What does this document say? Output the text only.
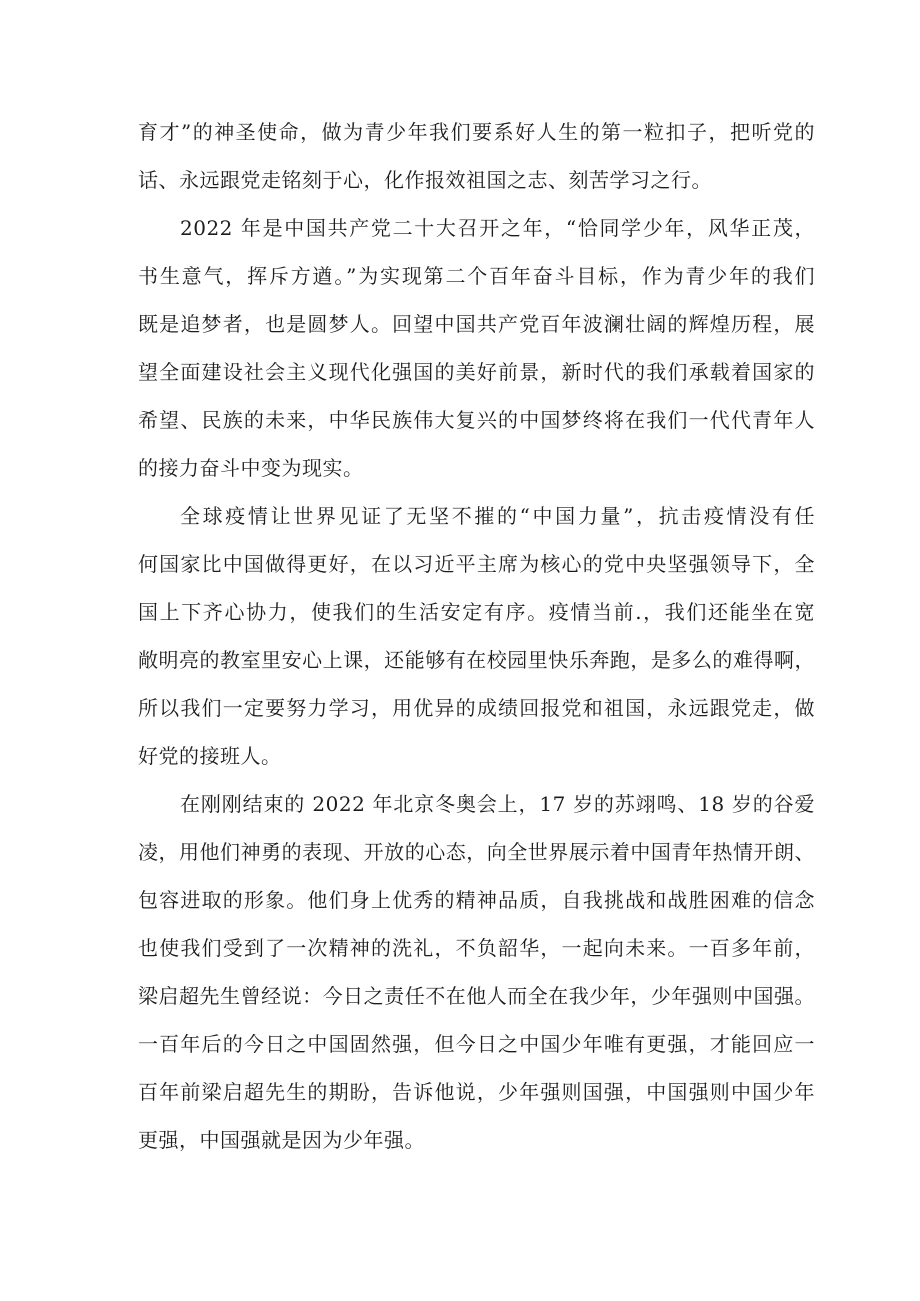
育才”的神圣使命，做为青少年我们要系好人生的第一粒扣子，把听党的
话、永远跟党走铭刻于心，化作报效祖国之志、刻苦学习之行。
2022 年是中国共产党二十大召开之年，“恰同学少年，风华正茂，
书生意气，挥斥方遒。”为实现第二个百年奋斗目标，作为青少年的我们
既是追梦者，也是圆梦人。回望中国共产党百年波澜壮阔的辉煌历程，展
望全面建设社会主义现代化强国的美好前景，新时代的我们承载着国家的
希望、民族的未来，中华民族伟大复兴的中国梦终将在我们一代代青年人
的接力奋斗中变为现实。
全球疫情让世界见证了无坚不摧的“中国力量”，抗击疫情没有任
何国家比中国做得更好，在以习近平主席为核心的党中央坚强领导下，全
国上下齐心协力，使我们的生活安定有序。疫情当前.，我们还能坐在宽
敞明亮的教室里安心上课，还能够有在校园里快乐奔跑，是多么的难得啊，
所以我们一定要努力学习，用优异的成绩回报党和祖国，永远跟党走，做
好党的接班人。
在刚刚结束的 2022 年北京冬奥会上，17 岁的苏翊鸣、18 岁的谷爱
凌，用他们神勇的表现、开放的心态，向全世界展示着中国青年热情开朗、
包容进取的形象。他们身上优秀的精神品质，自我挑战和战胜困难的信念
也使我们受到了一次精神的洗礼，不负韶华，一起向未来。一百多年前，
梁启超先生曾经说：今日之责任不在他人而全在我少年，少年强则中国强。
一百年后的今日之中国固然强，但今日之中国少年唯有更强，才能回应一
百年前梁启超先生的期盼，告诉他说，少年强则国强，中国强则中国少年
更强，中国强就是因为少年强。
